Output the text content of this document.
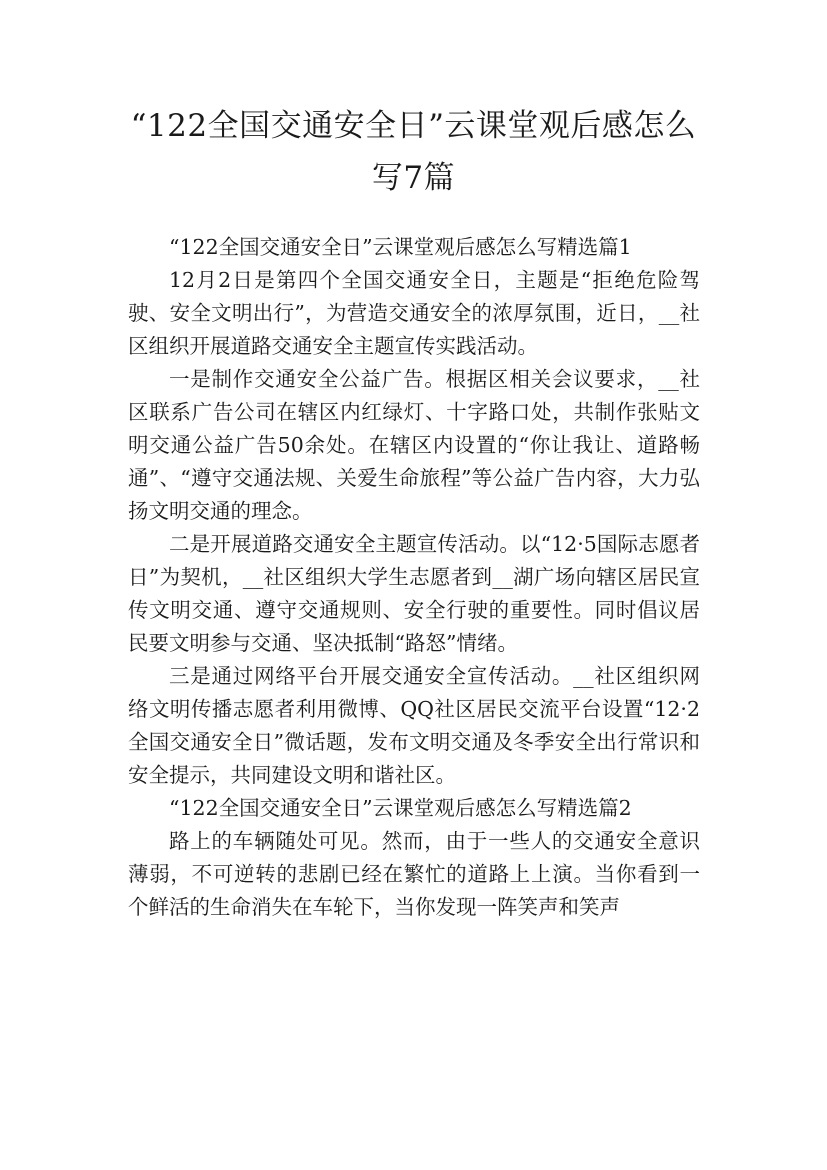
“122全国交通安全日”云课堂观后感怎么
写7篇

“122全国交通安全日”云课堂观后感怎么写精选篇1

12月2日是第四个全国交通安全日，主题是“拒绝危险驾驶、安全文明出行”，为营造交通安全的浓厚氛围，近日，__社区组织开展道路交通安全主题宣传实践活动。

一是制作交通安全公益广告。根据区相关会议要求，__社区联系广告公司在辖区内红绿灯、十字路口处，共制作张贴文明交通公益广告50余处。在辖区内设置的“你让我让、道路畅通”、“遵守交通法规、关爱生命旅程”等公益广告内容，大力弘扬文明交通的理念。

二是开展道路交通安全主题宣传活动。以“12·5国际志愿者日”为契机，__社区组织大学生志愿者到__湖广场向辖区居民宣传文明交通、遵守交通规则、安全行驶的重要性。同时倡议居民要文明参与交通、坚决抵制“路怒”情绪。

三是通过网络平台开展交通安全宣传活动。__社区组织网络文明传播志愿者利用微博、QQ社区居民交流平台设置“12·2全国交通安全日”微话题，发布文明交通及冬季安全出行常识和安全提示，共同建设文明和谐社区。

“122全国交通安全日”云课堂观后感怎么写精选篇2

路上的车辆随处可见。然而，由于一些人的交通安全意识薄弱，不可逆转的悲剧已经在繁忙的道路上上演。当你看到一个鲜活的生命消失在车轮下，当你发现一阵笑声和笑声
